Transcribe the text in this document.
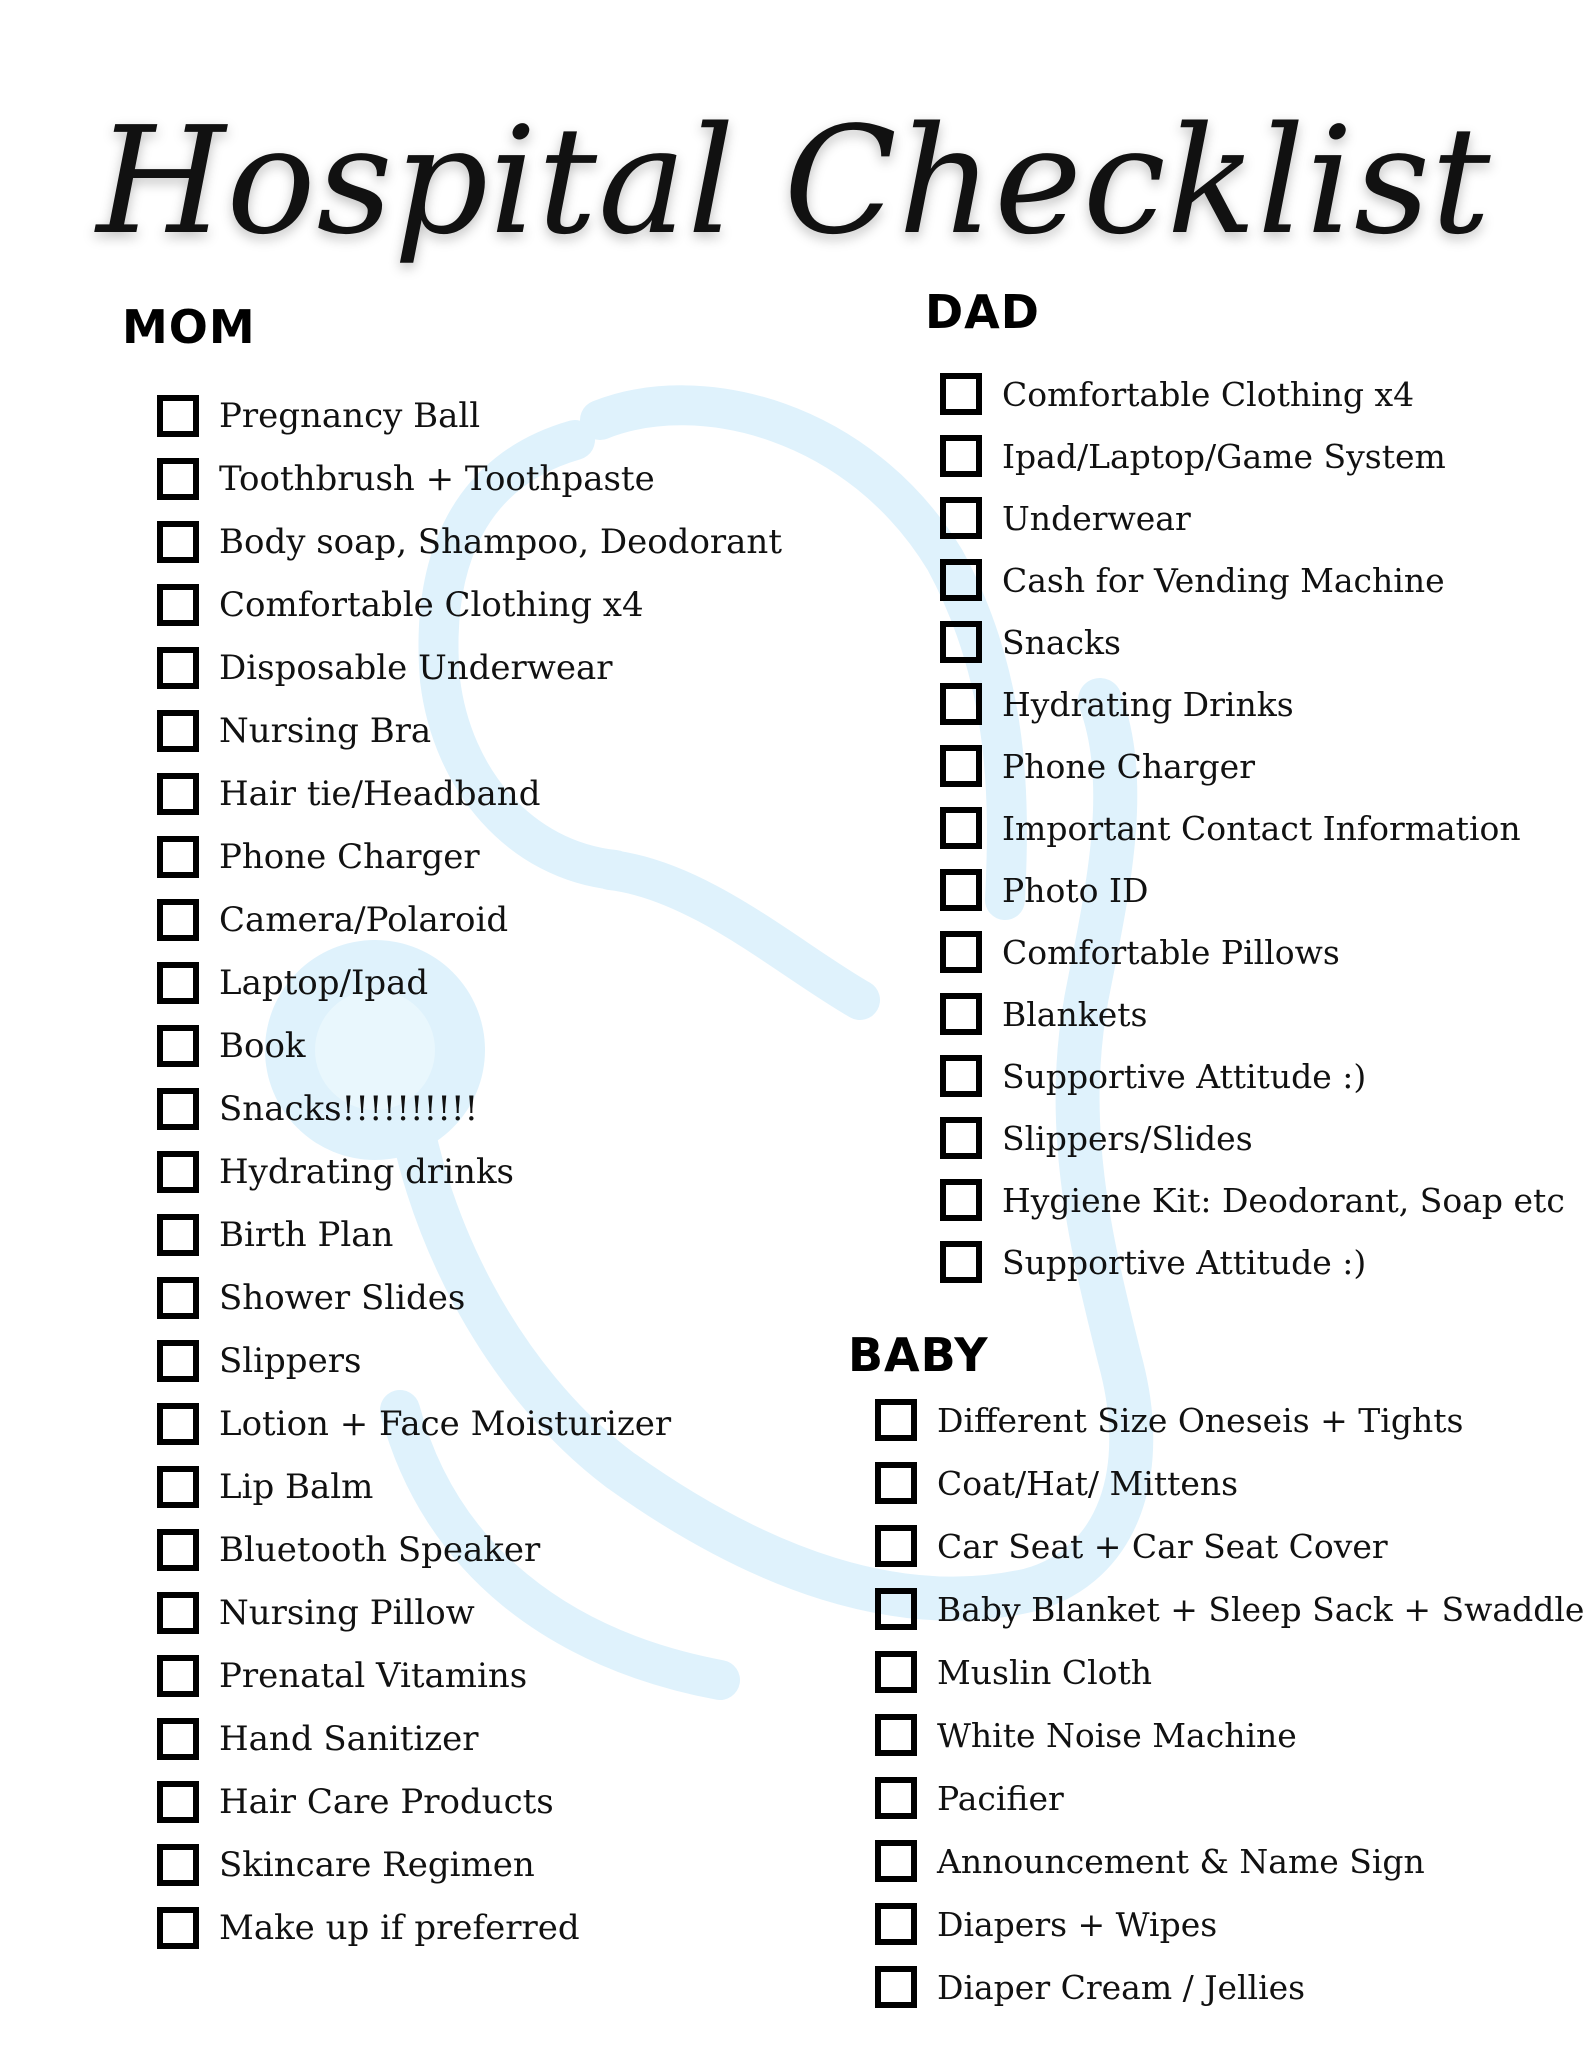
Hospital Checklist
MOM
Pregnancy Ball
Toothbrush + Toothpaste
Body soap, Shampoo, Deodorant
Comfortable Clothing x4
Disposable Underwear
Nursing Bra
Hair tie/Headband
Phone Charger
Camera/Polaroid
Laptop/Ipad
Book
Snacks!!!!!!!!!!
Hydrating drinks
Birth Plan
Shower Slides
Slippers
Lotion + Face Moisturizer
Lip Balm
Bluetooth Speaker
Nursing Pillow
Prenatal Vitamins
Hand Sanitizer
Hair Care Products
Skincare Regimen
Make up if preferred
DAD
Comfortable Clothing x4
Ipad/Laptop/Game System
Underwear
Cash for Vending Machine
Snacks
Hydrating Drinks
Phone Charger
Important Contact Information
Photo ID
Comfortable Pillows
Blankets
Supportive Attitude :)
Slippers/Slides
Hygiene Kit: Deodorant, Soap etc
Supportive Attitude :)
BABY
Different Size Oneseis + Tights
Coat/Hat/ Mittens
Car Seat + Car Seat Cover
Baby Blanket + Sleep Sack + Swaddle
Muslin Cloth
White Noise Machine
Pacifier
Announcement & Name Sign
Diapers + Wipes
Diaper Cream / Jellies
